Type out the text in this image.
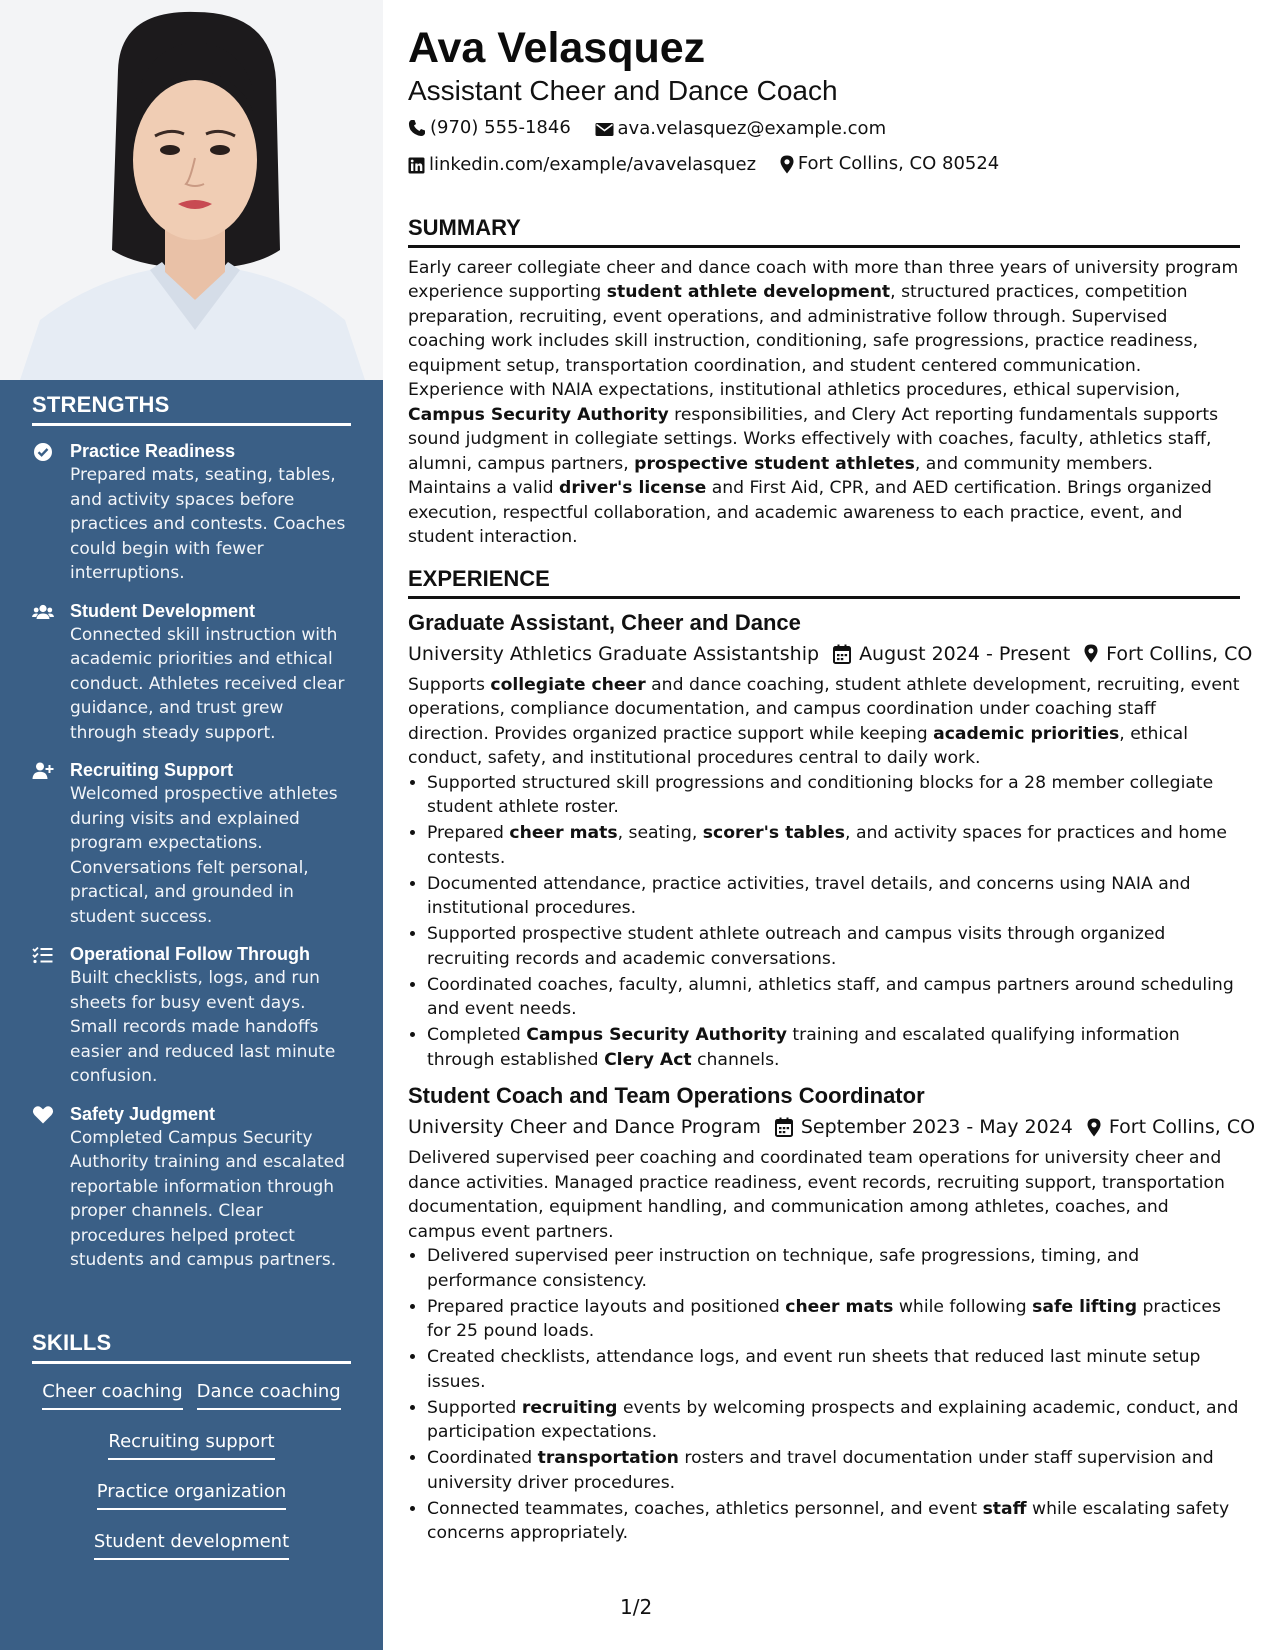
STRENGTHS
Practice Readiness
Prepared mats, seating, tables, and activity spaces before practices and contests. Coaches could begin with fewer interruptions.
Student Development
Connected skill instruction with academic priorities and ethical conduct. Athletes received clear guidance, and trust grew through steady support.
Recruiting Support
Welcomed prospective athletes during visits and explained program expectations. Conversations felt personal, practical, and grounded in student success.
Operational Follow Through
Built checklists, logs, and run sheets for busy event days. Small records made handoffs easier and reduced last minute confusion.
Safety Judgment
Completed Campus Security Authority training and escalated reportable information through proper channels. Clear procedures helped protect students and campus partners.
SKILLS
Cheer coaching Dance coaching
Recruiting support
Practice organization
Student development
Ava Velasquez
Assistant Cheer and Dance Coach
(970) 555-1846
	ava.velasquez@example.com
linkedin.com/example/avavelasquez
Fort Collins, CO 80524
SUMMARY

Early career collegiate cheer and dance coach with more than three years of university program experience supporting student athlete development, structured practices, competition preparation, recruiting, event operations, and administrative follow through. Supervised coaching work includes skill instruction, conditioning, safe progressions, practice readiness, equipment setup, transportation coordination, and student centered communication. Experience with NAIA expectations, institutional athletics procedures, ethical supervision, Campus Security Authority responsibilities, and Clery Act reporting fundamentals supports sound judgment in collegiate settings. Works effectively with coaches, faculty, athletics staff, alumni, campus partners, prospective student athletes, and community members. Maintains a valid driver's license and First Aid, CPR, and AED certification. Brings organized execution, respectful collaboration, and academic awareness to each practice, event, and student interaction.

EXPERIENCE
Graduate Assistant, Cheer and Dance
University Athletics Graduate Assistantship August 2024 - Present Fort Collins, CO

Supports collegiate cheer and dance coaching, student athlete development, recruiting, event operations, compliance documentation, and campus coordination under coaching staff direction. Provides organized practice support while keeping academic priorities, ethical conduct, safety, and institutional procedures central to daily work.

• Supported structured skill progressions and conditioning blocks for a 28 member collegiate student athlete roster.
• Prepared cheer mats, seating, scorer's tables, and activity spaces for practices and home contests.
• Documented attendance, practice activities, travel details, and concerns using NAIA and institutional procedures.
• Supported prospective student athlete outreach and campus visits through organized recruiting records and academic conversations.
• Coordinated coaches, faculty, alumni, athletics staff, and campus partners around scheduling and event needs.
• Completed Campus Security Authority training and escalated qualifying information through established Clery Act channels.
Student Coach and Team Operations Coordinator
University Cheer and Dance Program September 2023 - May 2024 Fort Collins, CO

Delivered supervised peer coaching and coordinated team operations for university cheer and dance activities. Managed practice readiness, event records, recruiting support, transportation documentation, equipment handling, and communication among athletes, coaches, and campus event partners.

• Delivered supervised peer instruction on technique, safe progressions, timing, and performance consistency.
• Prepared practice layouts and positioned cheer mats while following safe lifting practices for 25 pound loads.
• Created checklists, attendance logs, and event run sheets that reduced last minute setup issues.
• Supported recruiting events by welcoming prospects and explaining academic, conduct, and participation expectations.
• Coordinated transportation rosters and travel documentation under staff supervision and university driver procedures.
• Connected teammates, coaches, athletics personnel, and event staff while escalating safety concerns appropriately.
1/2
